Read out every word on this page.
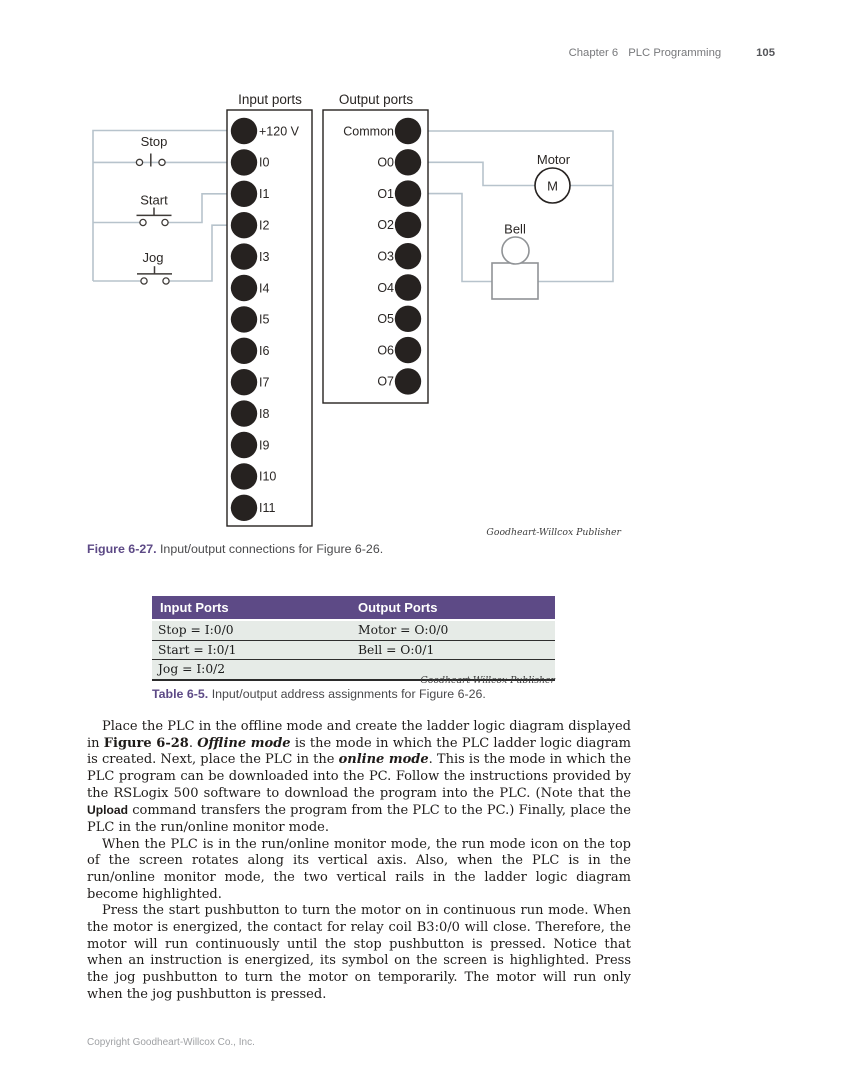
Chapter 6 PLC Programming	105
M
Input ports	Output ports
Stop
Start
Jog
Motor
Bell
+120 V
I0
I1
I2
I3
I4
I5
I6
I7
I8
I9
I10
I11
Common
O0
O1
O2
O3
O4
O5
O6
O7
Goodheart-Willcox Publisher
Figure 6-27. Input/output connections for Figure 6-26.
Input Ports	Output Ports
Stop = I:0/0	Motor = O:0/0
Start = I:0/1	Bell = O:0/1
Jog = I:0/2
Goodheart-Willcox Publisher
Table 6-5. Input/output address assignments for Figure 6-26.

Place the PLC in the offline mode and create the ladder logic diagram displayed in Figure 6-28. Offline mode is the mode in which the PLC ladder logic diagram is created. Next, place the PLC in the online mode. This is the mode in which the PLC program can be downloaded into the PC. Follow the instructions provided by the RSLogix 500 software to download the program into the PLC. (Note that the Upload command transfers the program from the PLC to the PC.) Finally, place the PLC in the run/online monitor mode.

When the PLC is in the run/online monitor mode, the run mode icon on the top of the screen rotates along its vertical axis. Also, when the PLC is in the run/online monitor mode, the two vertical rails in the ladder logic diagram become highlighted.

Press the start pushbutton to turn the motor on in continuous run mode. When the motor is energized, the contact for relay coil B3:0/0 will close. Therefore, the motor will run continuously until the stop pushbutton is pressed. Notice that when an instruction is energized, its symbol on the screen is highlighted. Press the jog pushbutton to turn the motor on temporarily. The motor will run only when the jog pushbutton is pressed.

Copyright Goodheart-Willcox Co., Inc.
